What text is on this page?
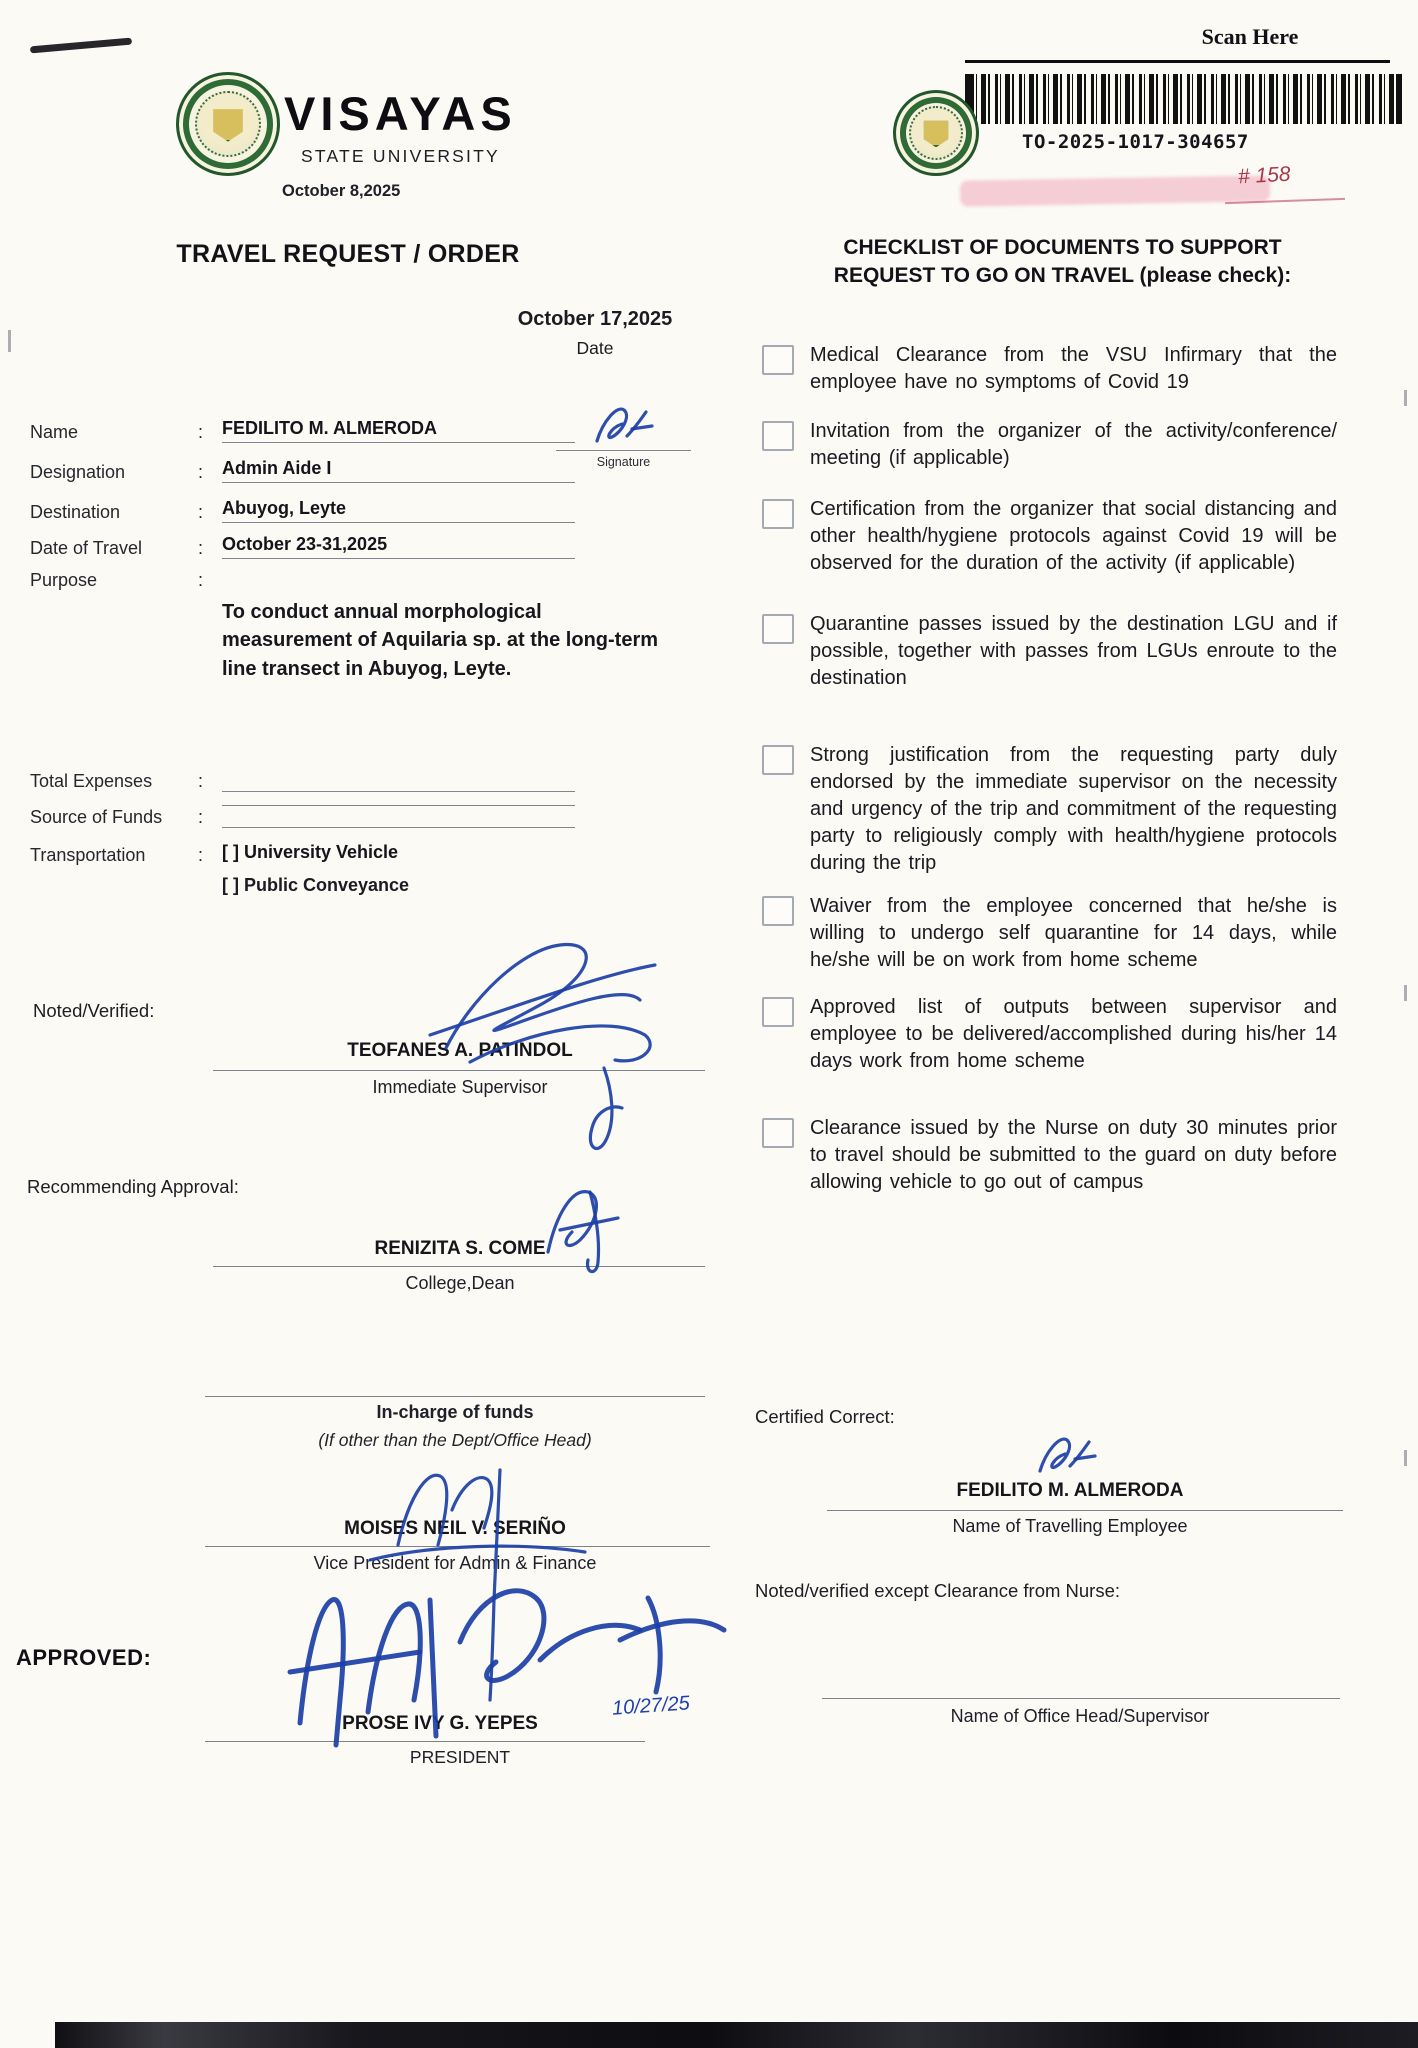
VISAYAS
STATE UNIVERSITY
October 8,2025
TRAVEL REQUEST / ORDER
October 17,2025
Date
Name	:	FEDILITO M. ALMERODA
Designation	:	Admin Aide I
Destination	:	Abuyog, Leyte
Date of Travel	:	October 23-31,2025
Purpose	:
Signature
To conduct annual morphological measurement of Aquilaria sp. at the long-term line transect in Abuyog, Leyte.
Total Expenses	:
Source of Funds	:
Transportation	:	[ ] University Vehicle
[ ] Public Conveyance
Noted/Verified:
TEOFANES A. PATINDOL
Immediate Supervisor
Recommending Approval:
RENIZITA S. COME
College,Dean
In-charge of funds
(If other than the Dept/Office Head)
MOISES NEIL V. SERIÑO
Vice President for Admin & Finance
APPROVED:
PROSE IVY G. YEPES
PRESIDENT
10/27/25
Scan Here
TO-2025-1017-304657
# 158
CHECKLIST OF DOCUMENTS TO SUPPORT
REQUEST TO GO ON TRAVEL (please check):
Medical Clearance from the VSU Infirmary that the employee have no symptoms of Covid 19
Invitation from the organizer of the activity/conference/ meeting (if applicable)
Certification from the organizer that social distancing and other health/hygiene protocols against Covid 19 will be observed for the duration of the activity (if applicable)
Quarantine passes issued by the destination LGU and if possible, together with passes from LGUs enroute to the destination
Strong justification from the requesting party duly endorsed by the immediate supervisor on the necessity and urgency of the trip and commitment of the requesting party to religiously comply with health/hygiene protocols during the trip
Waiver from the employee concerned that he/she is willing to undergo self quarantine for 14 days, while he/she will be on work from home scheme
Approved list of outputs between supervisor and employee to be delivered/accomplished during his/her 14 days work from home scheme
Clearance issued by the Nurse on duty 30 minutes prior to travel should be submitted to the guard on duty before allowing vehicle to go out of campus
Certified Correct:
FEDILITO M. ALMERODA
Name of Travelling Employee
Noted/verified except Clearance from Nurse:
Name of Office Head/Supervisor
